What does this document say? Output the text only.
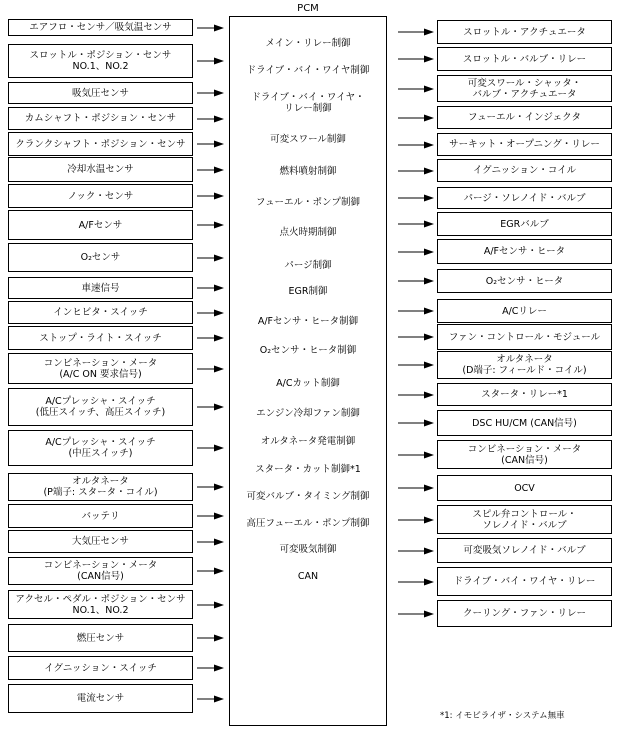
PCM
エアフロ・センサ／吸気温センサ
スロットル・ポジション・センサ
NO.1、NO.2
吸気圧センサ
カムシャフト・ポジション・センサ
クランクシャフト・ポジション・センサ
冷却水温センサ
ノック・センサ
A/Fセンサ
O₂センサ
車速信号
インヒビタ・スイッチ
ストップ・ライト・スイッチ
コンビネーション・メータ
(A/C ON 要求信号)
A/Cプレッシャ・スイッチ
(低圧スイッチ、高圧スイッチ)
A/Cプレッシャ・スイッチ
(中圧スイッチ)
オルタネータ
(P端子: スタータ・コイル)
バッテリ
大気圧センサ
コンビネーション・メータ
(CAN信号)
アクセル・ペダル・ポジション・センサ
NO.1、NO.2
燃圧センサ
イグニッション・スイッチ
電流センサ
メイン・リレー制御
ドライブ・バイ・ワイヤ制御
ドライブ・バイ・ワイヤ・
リレー制御
可変スワール制御
燃料噴射制御
フューエル・ポンプ制御
点火時期制御
パージ制御
EGR制御
A/Fセンサ・ヒータ制御
O₂センサ・ヒータ制御
A/Cカット制御
エンジン冷却ファン制御
オルタネータ発電制御
スタータ・カット制御*1
可変バルブ・タイミング制御
高圧フューエル・ポンプ制御
可変吸気制御
CAN
スロットル・アクチュエータ
スロットル・バルブ・リレー
可変スワール・シャッタ・
バルブ・アクチュエータ
フューエル・インジェクタ
サーキット・オープニング・リレー
イグニッション・コイル
パージ・ソレノイド・バルブ
EGRバルブ
A/Fセンサ・ヒータ
O₂センサ・ヒータ
A/Cリレー
ファン・コントロール・モジュール
オルタネータ
(D端子: フィールド・コイル)
スタータ・リレー*1
DSC HU/CM (CAN信号)
コンビネーション・メータ
(CAN信号)
OCV
スピル弁コントロール・
ソレノイド・バルブ
可変吸気ソレノイド・バルブ
ドライブ・バイ・ワイヤ・リレー
クーリング・ファン・リレー
*1: イモビライザ・システム無車
